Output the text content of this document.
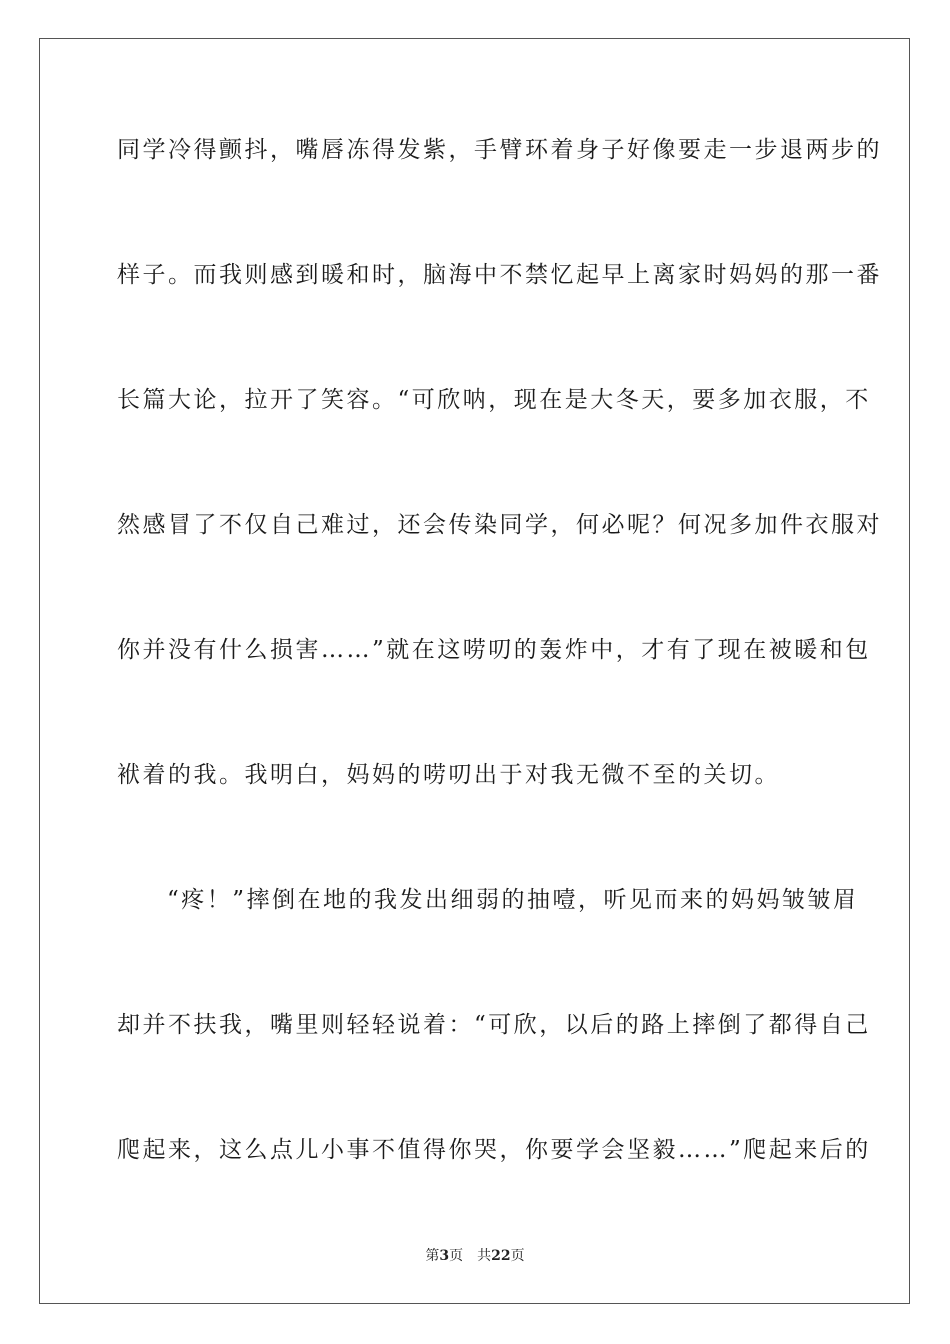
同学冷得颤抖，嘴唇冻得发紫，手臂环着身子好像要走一步退两步的
样子。而我则感到暖和时，脑海中不禁忆起早上离家时妈妈的那一番
长篇大论，拉开了笑容。“可欣呐，现在是大冬天，要多加衣服，不
然感冒了不仅自己难过，还会传染同学，何必呢？何况多加件衣服对
你并没有什么损害……”就在这唠叨的轰炸中，才有了现在被暖和包
袱着的我。我明白，妈妈的唠叨出于对我无微不至的关切。
“疼！”摔倒在地的我发出细弱的抽噎，听见而来的妈妈皱皱眉
却并不扶我，嘴里则轻轻说着：“可欣，以后的路上摔倒了都得自己
爬起来，这么点儿小事不值得你哭，你要学会坚毅……”爬起来后的
第3页 共22页
